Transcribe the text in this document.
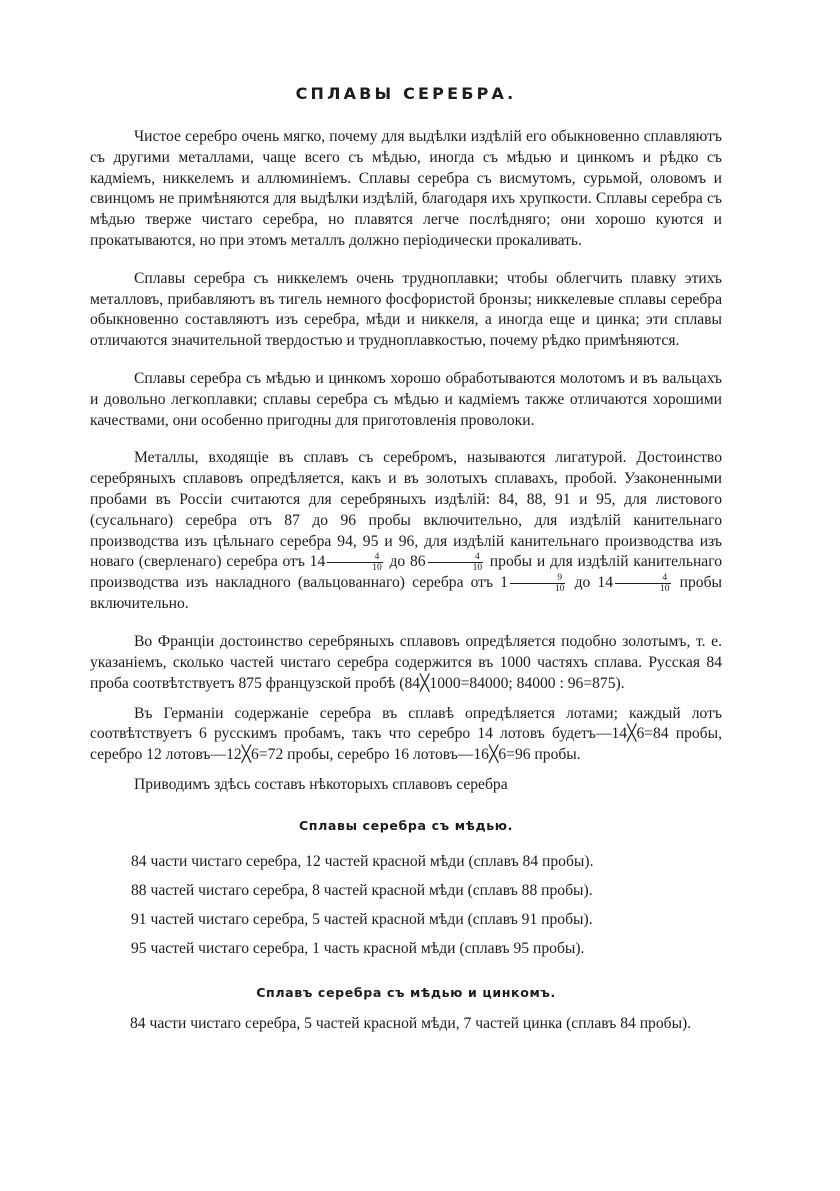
СПЛАВЫ СЕРЕБРА.

Чистое серебро очень мягко, почему для выдѣлки издѣлiй его обыкновенно сплавляютъ съ другими металлами, чаще всего съ мѣдью, иногда съ мѣдью и цинкомъ и рѣдко съ кадмiемъ, никкелемъ и аллюминiемъ. Сплавы серебра съ висмутомъ, сурьмой, оловомъ и свинцомъ не примѣняются для выдѣлки издѣлiй, благодаря ихъ хрупкости. Сплавы серебра съ мѣдью тверже чистаго серебра, но плавятся легче послѣдняго; они хорошо куются и прокатываются, но при этомъ металлъ должно перiодически прокаливать.

Сплавы серебра съ никкелемъ очень трудноплавки; чтобы облегчить плавку этихъ металловъ, прибавляютъ въ тигель немного фосфористой бронзы; никкелевые сплавы серебра обыкновенно составляютъ изъ серебра, мѣди и никкеля, а иногда еще и цинка; эти сплавы отличаются значительной твердостью и трудноплавкостью, почему рѣдко примѣняются.

Сплавы серебра съ мѣдью и цинкомъ хорошо обработываются молотомъ и въ вальцахъ и довольно легкоплавки; сплавы серебра съ мѣдью и кадмiемъ также отличаются хорошими качествами, они особенно пригодны для приготовленiя проволоки.

Металлы, входящiе въ сплавъ съ серебромъ, называются лигатурой. Достоинство серебряныхъ сплавовъ опредѣляется, какъ и въ золотыхъ сплавахъ, пробой. Узаконенными пробами въ Россiи считаются для серебряныхъ издѣлiй: 84, 88, 91 и 95, для листового (сусальнаго) серебра отъ 87 до 96 пробы включительно, для издѣлiй канительнаго производства изъ цѣльнаго серебра 94, 95 и 96, для издѣлiй канительнаго производства изъ новаго (сверленаго) серебра отъ $14 \frac{4}{10}$ до $86 \frac{4}{10}$ пробы и для издѣлiй канительнаго производства изъ накладного (вальцованнаго) серебра отъ $1 \frac{9}{10}$ до $14 \frac{4}{10}$ пробы включительно.

Во Францiи достоинство серебряныхъ сплавовъ опредѣляется подобно золотымъ, т. е. указанiемъ, сколько частей чистаго серебра содержится въ 1000 частяхъ сплава. Русская 84 проба соотвѣтствуетъ 875 французской пробѣ (84╳1000=84000; 84000 : 96=875).

Въ Германiи содержанiе серебра въ сплавѣ опредѣляется лотами; каждый лотъ соотвѣтствуетъ 6 русскимъ пробамъ, такъ что серебро 14 лотовъ будетъ—14╳6=84 пробы, серебро 12 лотовъ—12╳6=72 пробы, серебро 16 лотовъ—16╳6=96 пробы.

Приводимъ здѣсь составъ нѣкоторыхъ сплавовъ серебра

Сплавы серебра съ мѣдью.
84 части чистаго серебра, 12 частей красной мѣди (сплавъ 84 пробы).
88 частей чистаго серебра, 8 частей красной мѣди (сплавъ 88 пробы).
91 частей чистаго серебра, 5 частей красной мѣди (сплавъ 91 пробы).
95 частей чистаго серебра, 1 часть красной мѣди (сплавъ 95 пробы).
Сплавъ серебра съ мѣдью и цинкомъ.

84 части чистаго серебра, 5 частей красной мѣди, 7 частей цинка (сплавъ 84 пробы).
